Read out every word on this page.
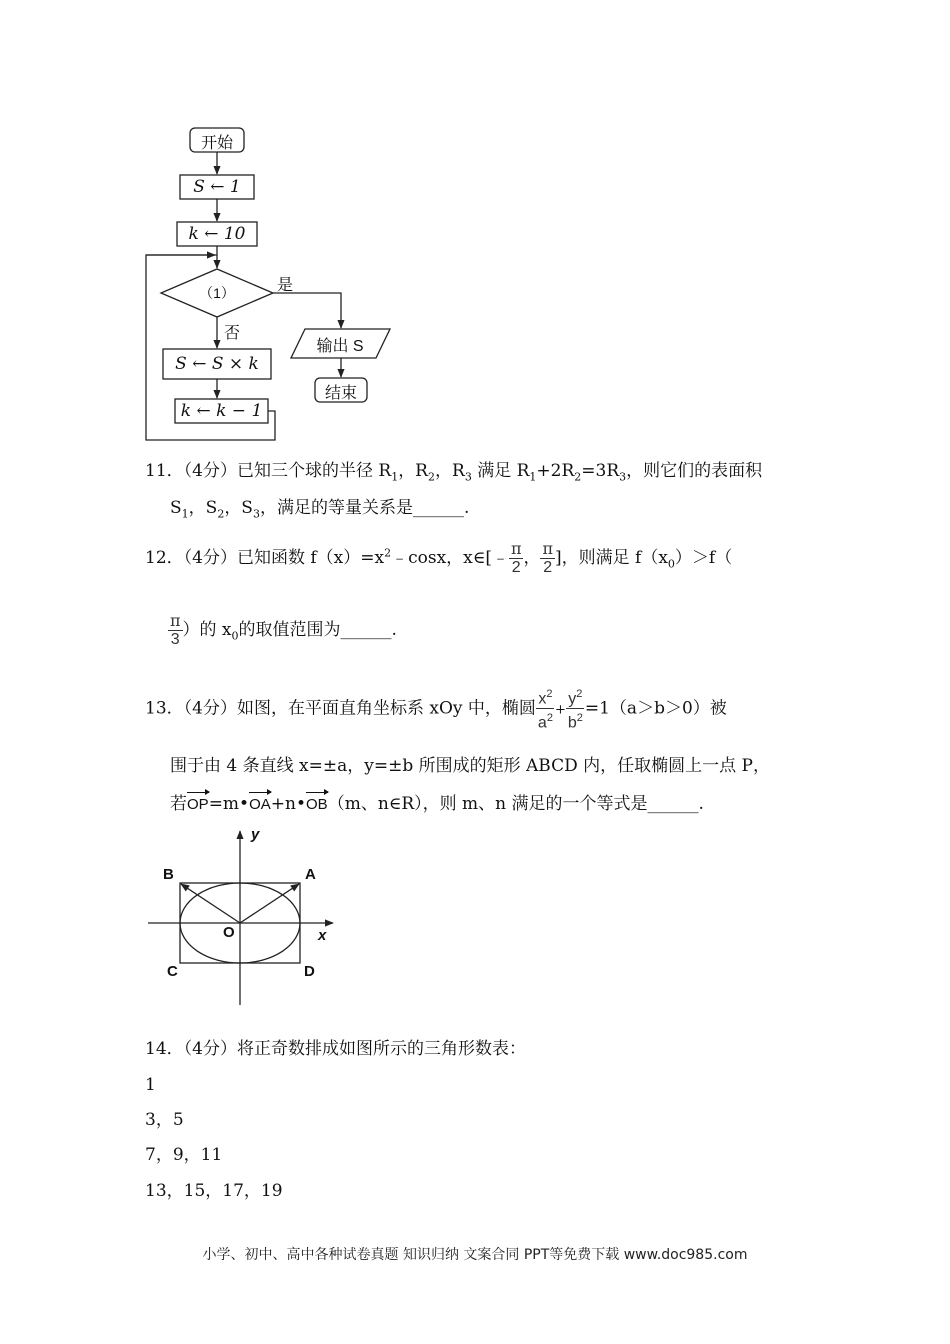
开始
S ← 1
k ← 10
（1）	是
否
输出 S
S ← S × k
k ← k − 1
结束
11．（4分）已知三个球的半径 $R_1$，$R_2$，$R_3$ 满足 $R_1+2R_2=3R_3$，则它们的表面积
$S_1$，$S_2$，$S_3$，满足的等量关系是______.
12．（4分）已知函数 $f(x)=x^2﹣\cos x$，x∈[﹣ $\frac{\pi}{2}$ ， $\frac{\pi}{2}$ ]，则满足 $f(x_0)>f$（
$\frac{\pi}{3}$ ）的 $x_0$的取值范围为______.
13．（4分）如图，在平面直角坐标系 xOy 中，椭圆 $\frac{x^2}{a^2} + \frac{y^2}{b^2} =1(a>b>0)$被
围于由 4 条直线 x=±a，y=±b 所围成的矩形 ABCD 内，任取椭圆上一点 P，
若OP=m•OA+n•OB（m、n∈R），则 m、n 满足的一个等式是______.
y
x
O
A
B
C	D
14．（4分）将正奇数排成如图所示的三角形数表：
1
3，5
7，9，11
13，15，17，19
小学、初中、高中各种试卷真题 知识归纳 文案合同 PPT等免费下载 www.doc985.com
